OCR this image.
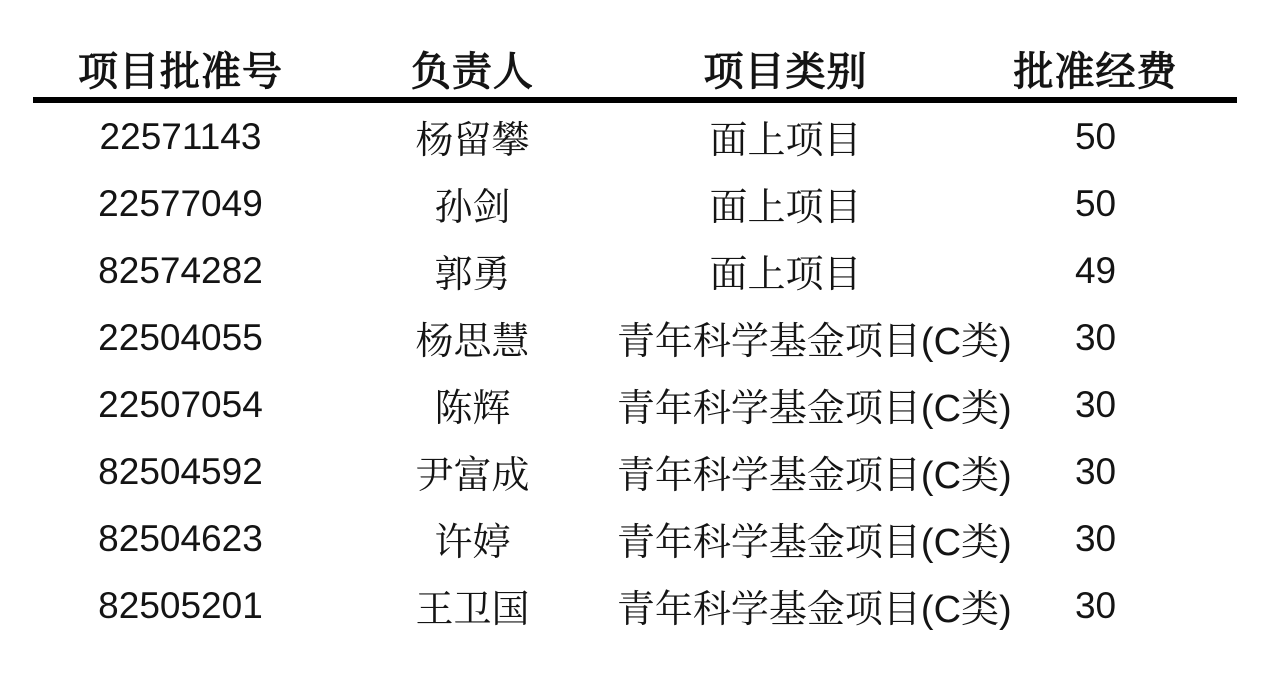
项目批准号	负责人	项目类别	批准经费
22571143	杨留攀	面上项目	50
22577049	孙剑	面上项目	50
82574282	郭勇	面上项目	49
22504055	杨思慧	青年科学基金项目(C类)	30
22507054	陈辉	青年科学基金项目(C类)	30
82504592	尹富成	青年科学基金项目(C类)	30
82504623	许婷	青年科学基金项目(C类)	30
82505201	王卫国	青年科学基金项目(C类)	30
